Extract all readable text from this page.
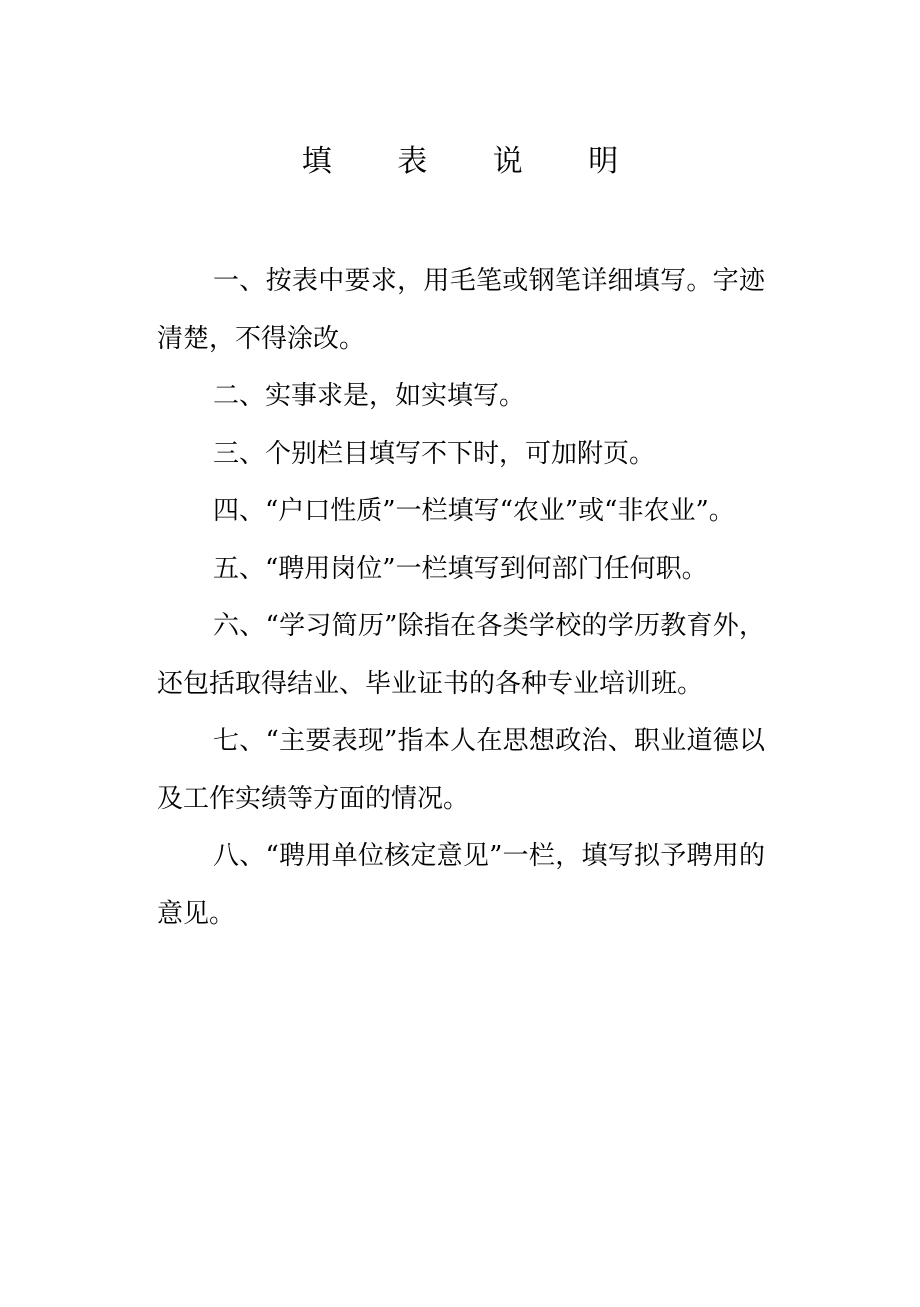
填 表 说 明

一、按表中要求，用毛笔或钢笔详细填写。字迹清楚，不得涂改。

二、实事求是，如实填写。

三、个别栏目填写不下时，可加附页。

四、“户口性质”一栏填写“农业”或“非农业”。

五、“聘用岗位”一栏填写到何部门任何职。

六、“学习简历”除指在各类学校的学历教育外，还包括取得结业、毕业证书的各种专业培训班。

七、“主要表现”指本人在思想政治、职业道德以及工作实绩等方面的情况。

八、“聘用单位核定意见”一栏，填写拟予聘用的意见。
